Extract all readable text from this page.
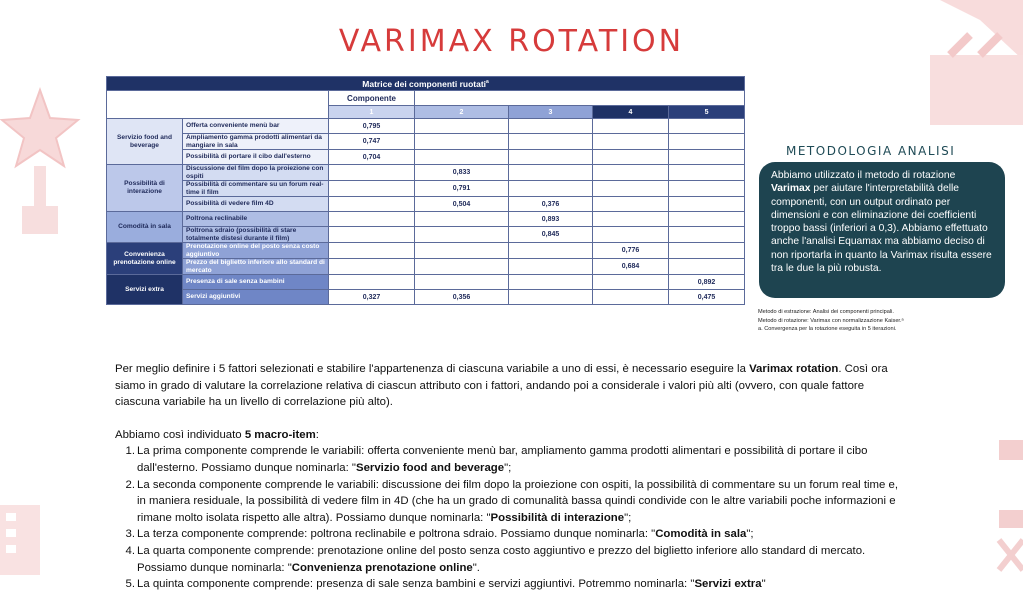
VARIMAX ROTATION
Matrice dei componenti ruotati$^a$
		Componente				
		1	2	3	4	5
Servizio food and beverage	Offerta conveniente menù bar	0,795				
	Ampliamento gamma prodotti alimentari da mangiare in sala	0,747				
	Possibilità di portare il cibo dall'esterno	0,704				
Possibilità di interazione	Discussione del film dopo la proiezione con ospiti		0,833			
	Possibilità di commentare su un forum real-time il film		0,791			
	Possibilità di vedere film 4D		0,504	0,376		
Comodità in sala	Poltrona reclinabile			0,893		
	Poltrona sdraio (possibilità di stare totalmente distesi durante il film)			0,845		
Convenienza prenotazione online	Prenotazione online del posto senza costo aggiuntivo				0,776	
	Prezzo del biglietto inferiore allo standard di mercato				0,684	
Servizi extra	Presenza di sale senza bambini					0,892
	Servizi aggiuntivi	0,327	0,356			0,475
METODOLOGIA ANALISI
Abbiamo utilizzato il metodo di rotazione Varimax per aiutare l'interpretabilità delle componenti, con un output ordinato per dimensioni e con eliminazione dei coefficienti troppo bassi (inferiori a 0,3). Abbiamo effettuato anche l'analisi Equamax ma abbiamo deciso di non riportarla in quanto la Varimax risulta essere tra le due la più robusta.
Metodo di estrazione: Analisi dei componenti principali.
Metodo di rotazione: Varimax con normalizzazione Kaiser.ᵃ
a. Convergenza per la rotazione eseguita in 5 iterazioni.

Per meglio definire i 5 fattori selezionati e stabilire l'appartenenza di ciascuna variabile a uno di essi, è necessario eseguire la Varimax rotation. Così ora siamo in grado di valutare la correlazione relativa di ciascun attributo con i fattori, andando poi a considerale i valori più alti (ovvero, con quale fattore ciascuna variabile ha un livello di correlazione più alto).

Abbiamo così individuato 5 macro-item:

1. La prima componente comprende le variabili: offerta conveniente menù bar, ampliamento gamma prodotti alimentari e possibilità di portare il cibo dall'esterno. Possiamo dunque nominarla: "Servizio food and beverage";
2. La seconda componente comprende le variabili: discussione dei film dopo la proiezione con ospiti, la possibilità di commentare su un forum real time e, in maniera residuale, la possibilità di vedere film in 4D (che ha un grado di comunalità bassa quindi condivide con le altre variabili poche informazioni e rimane molto isolata rispetto alle altra). Possiamo dunque nominarla: "Possibilità di interazione";
3. La terza componente comprende: poltrona reclinabile e poltrona sdraio. Possiamo dunque nominarla: "Comodità in sala";
4. La quarta componente comprende: prenotazione online del posto senza costo aggiuntivo e prezzo del biglietto inferiore allo standard di mercato. Possiamo dunque nominarla: "Convenienza prenotazione online".
5. La quinta componente comprende: presenza di sale senza bambini e servizi aggiuntivi. Potremmo nominarla: "Servizi extra"
